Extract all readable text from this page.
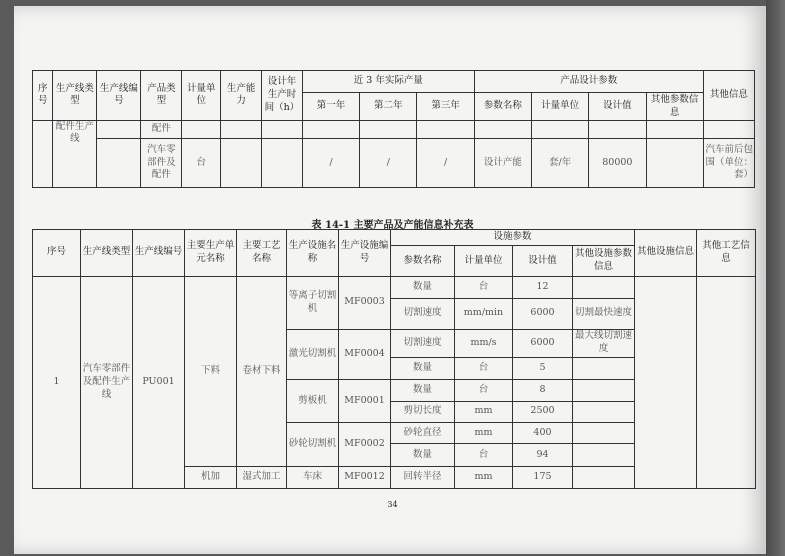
序号	生产线类型	生产线编号	产品类型	计量单位	生产能力	设计年生产时间（h）	近 3 年实际产量			产品设计参数				其他信息
							第一年	第二年	第三年	参数名称	计量单位	设计值	其他参数信息	
	配件生产线		配件											
			汽车零部件及配件	台			/	/	/	设计产能	套/年	80000		汽车前后包围（单位：套）
表 14-1 主要产品及产能信息补充表
序号	生产线类型	生产线编号	主要生产单元名称	主要工艺名称	生产设施名称	生产设施编号	设施参数				其他设施信息	其他工艺信息
							参数名称	计量单位	设计值	其他设施参数信息		
1	汽车零部件及配件生产线	PU001	下料	卷材下料	等离子切割机	MF0003	数量	台	12			
							切割速度	mm/min	6000	切割最快速度		
					激光切割机	MF0004	切割速度	mm/s	6000	最大线切割速度		
							数量	台	5			
					剪板机	MF0001	数量	台	8			
							剪切长度	mm	2500			
					砂轮切割机	MF0002	砂轮直径	mm	400			
							数量	台	94			
			机加	湿式加工	车床	MF0012	回转半径	mm	175			
34
